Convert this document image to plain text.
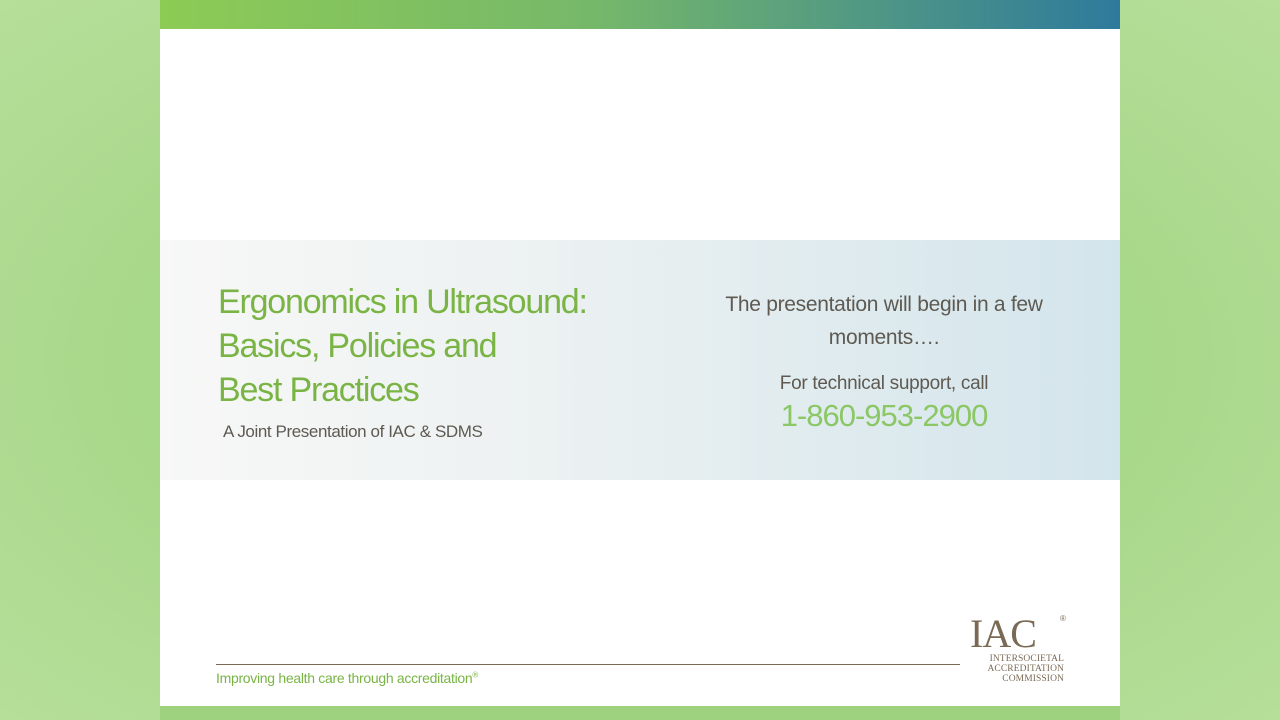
Ergonomics in Ultrasound:
Basics, Policies and
Best Practices
A Joint Presentation of IAC & SDMS
The presentation will begin in a few moments….
For technical support, call
1-860-953-2900
Improving health care through accreditation®
IAC	®
INTERSOCIETAL
ACCREDITATION
COMMISSION
